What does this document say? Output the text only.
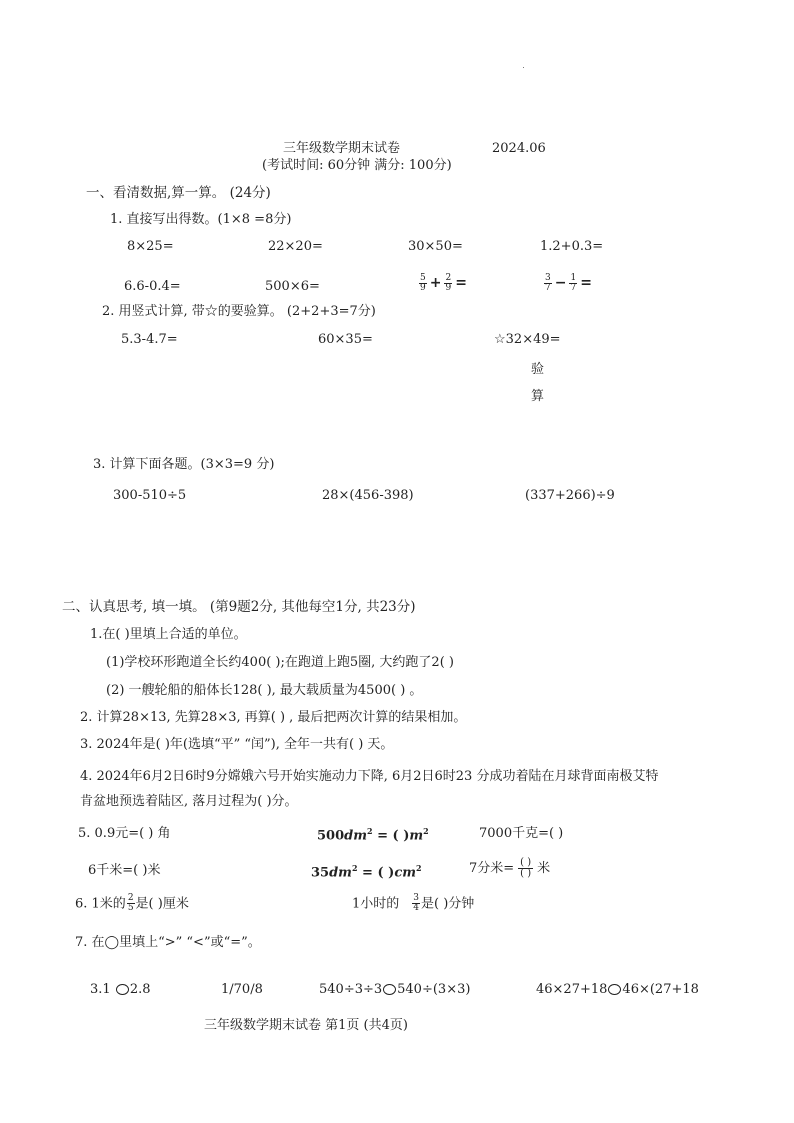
三年级数学期末试卷	2024.06
(考试时间: 60分钟 满分: 100分)
一、看清数据,算一算。 (24分)
1. 直接写出得数。(1×8 =8分)
8×25=	22×20=	30×50=	1.2+0.3=
6.6-0.4=	500×6=	$\frac{5}{9} + \frac{2}{9}$ =	$\frac{3}{7} - \frac{1}{7}$ =
2. 用竖式计算, 带☆的要验算。 (2+2+3=7分)
5.3-4.7=	60×35=	☆32×49=
验
算
3. 计算下面各题。(3×3=9 分)
300-510÷5	28×(456-398)	(337+266)÷9
二、认真思考, 填一填。 (第9题2分, 其他每空1分, 共23分)
1.在( )里填上合适的单位。
(1)学校环形跑道全长约400( );在跑道上跑5圈, 大约跑了2( )
(2) 一艘轮船的船体长128( ), 最大载质量为4500( ) 。
2. 计算28×13, 先算28×3, 再算( ) , 最后把两次计算的结果相加。
3. 2024年是( )年(选填“平” “闰”), 全年一共有( ) 天。
4. 2024年6月2日6时9分嫦娥六号开始实施动力下降, 6月2日6时23 分成功着陆在月球背面南极艾特
肯盆地预选着陆区, 落月过程为( )分。
5. 0.9元=( ) 角	$500dm^2$ = ( )$m^2$	7000千克=( )
6千米=( )米	$35dm^2$ = ( )$cm^2$	7分米= ( )
( ) 米
6. 1米的 $\frac{2}{5}$ 是( )厘米	1小时的 $\frac{3}{4}$ 是( )分钟
7. 在◯里填上“>” “<”或“=”。
3.1 2.8	1/70/8	540÷3÷3 540÷(3×3)	46×27+18 46×(27+18
三年级数学期末试卷 第1页 (共4页)
